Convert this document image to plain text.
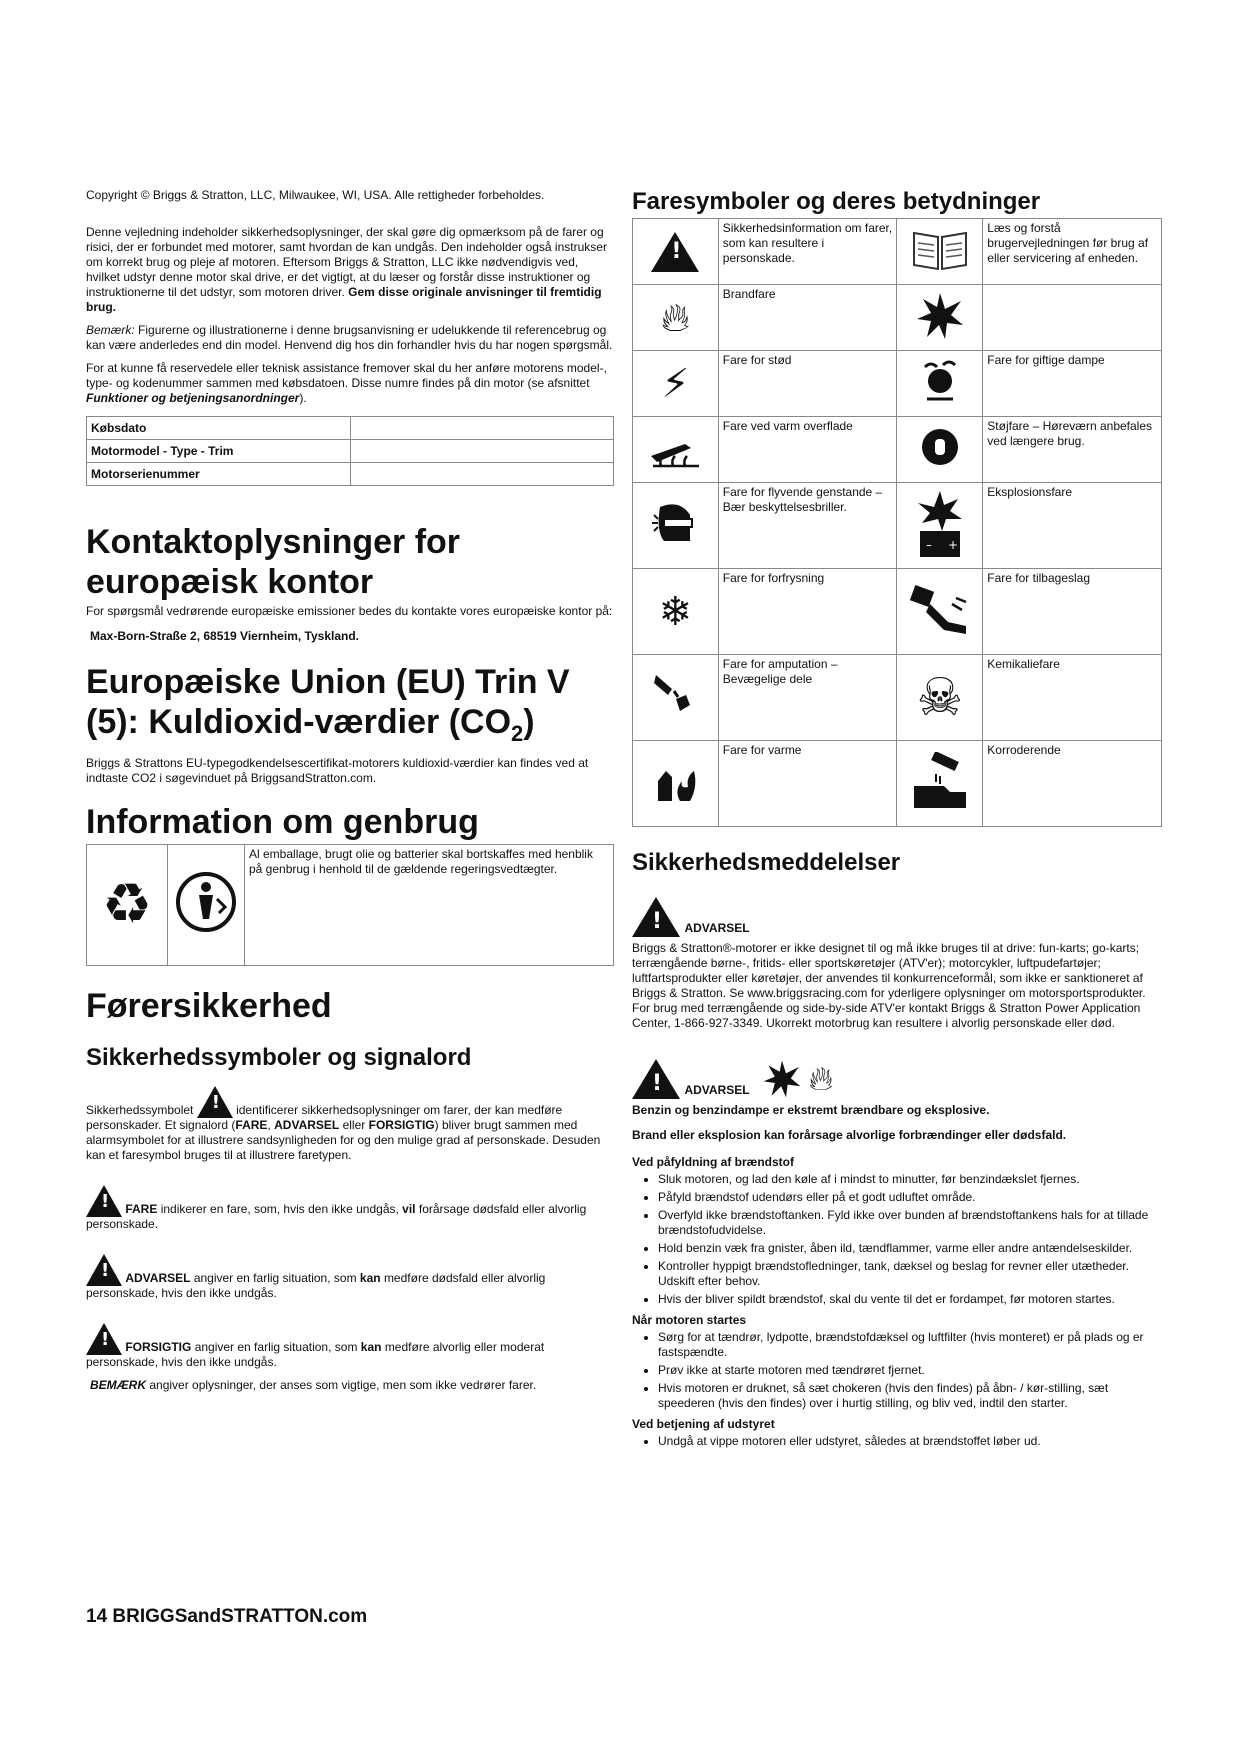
Copyright © Briggs & Stratton, LLC, Milwaukee, WI, USA. Alle rettigheder forbeholdes.

Denne vejledning indeholder sikkerhedsoplysninger, der skal gøre dig opmærksom på de farer og risici, der er forbundet med motorer, samt hvordan de kan undgås. Den indeholder også instrukser om korrekt brug og pleje af motoren. Eftersom Briggs & Stratton, LLC ikke nødvendigvis ved, hvilket udstyr denne motor skal drive, er det vigtigt, at du læser og forstår disse instruktioner og instruktionerne til det udstyr, som motoren driver. Gem disse originale anvisninger til fremtidig brug.

Bemærk: Figurerne og illustrationerne i denne brugsanvisning er udelukkende til referencebrug og kan være anderledes end din model. Henvend dig hos din forhandler hvis du har nogen spørgsmål.

For at kunne få reservedele eller teknisk assistance fremover skal du her anføre motorens model-, type- og kodenummer sammen med købsdatoen. Disse numre findes på din motor (se afsnittet Funktioner og betjeningsanordninger).

Købsdato	
Motormodel - Type - Trim	
Motorserienummer	
Kontaktoplysninger for europæisk kontor

For spørgsmål vedrørende europæiske emissioner bedes du kontakte vores europæiske kontor på:

Max-Born-Straße 2, 68519 Viernheim, Tyskland.

Europæiske Union (EU) Trin V (5): Kuldioxid-værdier $(CO_2)$

Briggs & Strattons EU-typegodkendelsescertifikat-motorers kuldioxid-værdier kan findes ved at indtaste CO2 i søgevinduet på BriggsandStratton.com.

Information om genbrug
♻		Al emballage, brugt olie og batterier skal bortskaffes med henblik på genbrug i henhold til de gældende regeringsvedtægter.
Førersikkerhed
Sikkerhedssymboler og signalord

Sikkerhedssymbolet !	identificerer sikkerhedsoplysninger om farer, der kan medføre personskader. Et signalord (FARE, ADVARSEL eller FORSIGTIG) bliver brugt sammen med alarmsymbolet for at illustrere sandsynligheden for og den mulige grad af personskade. Desuden kan et faresymbol bruges til at illustrere faretypen.

! FARE indikerer en fare, som, hvis den ikke undgås, vil forårsage dødsfald eller alvorlig personskade.

! ADVARSEL angiver en farlig situation, som kan medføre dødsfald eller alvorlig personskade, hvis den ikke undgås.

! FORSIGTIG angiver en farlig situation, som kan medføre alvorlig eller moderat personskade, hvis den ikke undgås.

BEMÆRK angiver oplysninger, der anses som vigtige, men som ikke vedrører farer.

Faresymboler og deres betydninger
!	Sikkerhedsinformation om farer, som kan resultere i personskade.		Læs og forstå brugervejledningen før brug af eller servicering af enheden.
🔥︎	Brandfare		
⚡	Fare for stød		Fare for giftige dampe
	Fare ved varm overflade		Støjfare – Høreværn anbefales ved længere brug.
	Fare for flyvende genstande – Bær beskyttelsesbriller.	– +	Eksplosionsfare
❄	Fare for forfrysning		Fare for tilbageslag
	Fare for amputation – Bevægelige dele	☠	Kemikaliefare
	Fare for varme		Korroderende
Sikkerhedsmeddelelser
! ADVARSEL

Briggs & Stratton®-motorer er ikke designet til og må ikke bruges til at drive: fun-karts; go-karts; terrængående børne-, fritids- eller sportskøretøjer (ATV'er); motorcykler, luftpudefartøjer; luftfartsprodukter eller køretøjer, der anvendes til konkurrenceformål, som ikke er sanktioneret af Briggs & Stratton. Se www.briggsracing.com for yderligere oplysninger om motorsportsprodukter. For brug med terrængående og side-by-side ATV'er kontakt Briggs & Stratton Power Application Center, 1-866-927-3349. Ukorrekt motorbrug kan resultere i alvorlig personskade eller død.

! ADVARSEL 🔥︎

Benzin og benzindampe er ekstremt brændbare og eksplosive.

Brand eller eksplosion kan forårsage alvorlige forbrændinger eller dødsfald.

Ved påfyldning af brændstof

• Sluk motoren, og lad den køle af i mindst to minutter, før benzindækslet fjernes.
• Påfyld brændstof udendørs eller på et godt udluftet område.
• Overfyld ikke brændstoftanken. Fyld ikke over bunden af brændstoftankens hals for at tillade brændstofudvidelse.
• Hold benzin væk fra gnister, åben ild, tændflammer, varme eller andre antændelseskilder.
• Kontroller hyppigt brændstofledninger, tank, dæksel og beslag for revner eller utætheder. Udskift efter behov.
• Hvis der bliver spildt brændstof, skal du vente til det er fordampet, før motoren startes.

Når motoren startes

• Sørg for at tændrør, lydpotte, brændstofdæksel og luftfilter (hvis monteret) er på plads og er fastspændte.
• Prøv ikke at starte motoren med tændrøret fjernet.
• Hvis motoren er druknet, så sæt chokeren (hvis den findes) på åbn- / kør-stilling, sæt speederen (hvis den findes) over i hurtig stilling, og bliv ved, indtil den starter.

Ved betjening af udstyret

• Undgå at vippe motoren eller udstyret, således at brændstoffet løber ud.
14 BRIGGSandSTRATTON.com
